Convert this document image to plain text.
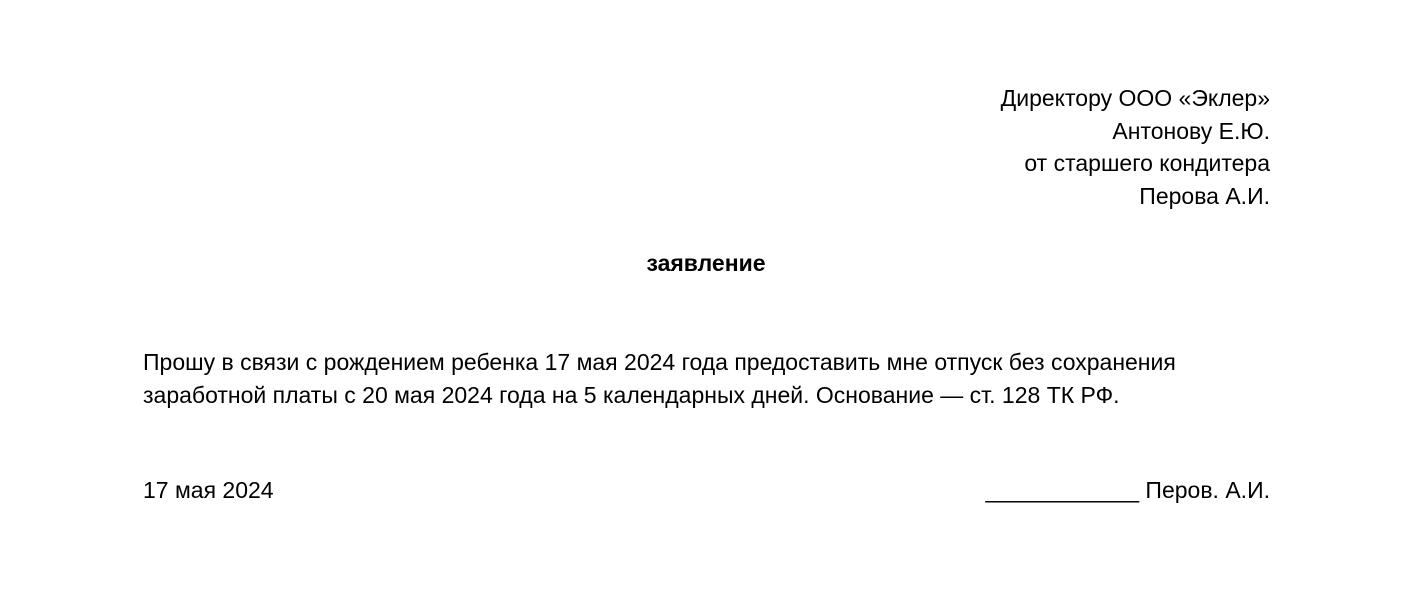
Директору ООО «Эклер»
Антонову Е.Ю.
от старшего кондитера
Перова А.И.
заявление
Прошу в связи с рождением ребенка 17 мая 2024 года предоставить мне отпуск без сохранения
заработной платы с 20 мая 2024 года на 5 календарных дней. Основание — ст. 128 ТК РФ.
17 мая 2024	____________ Перов. А.И.
